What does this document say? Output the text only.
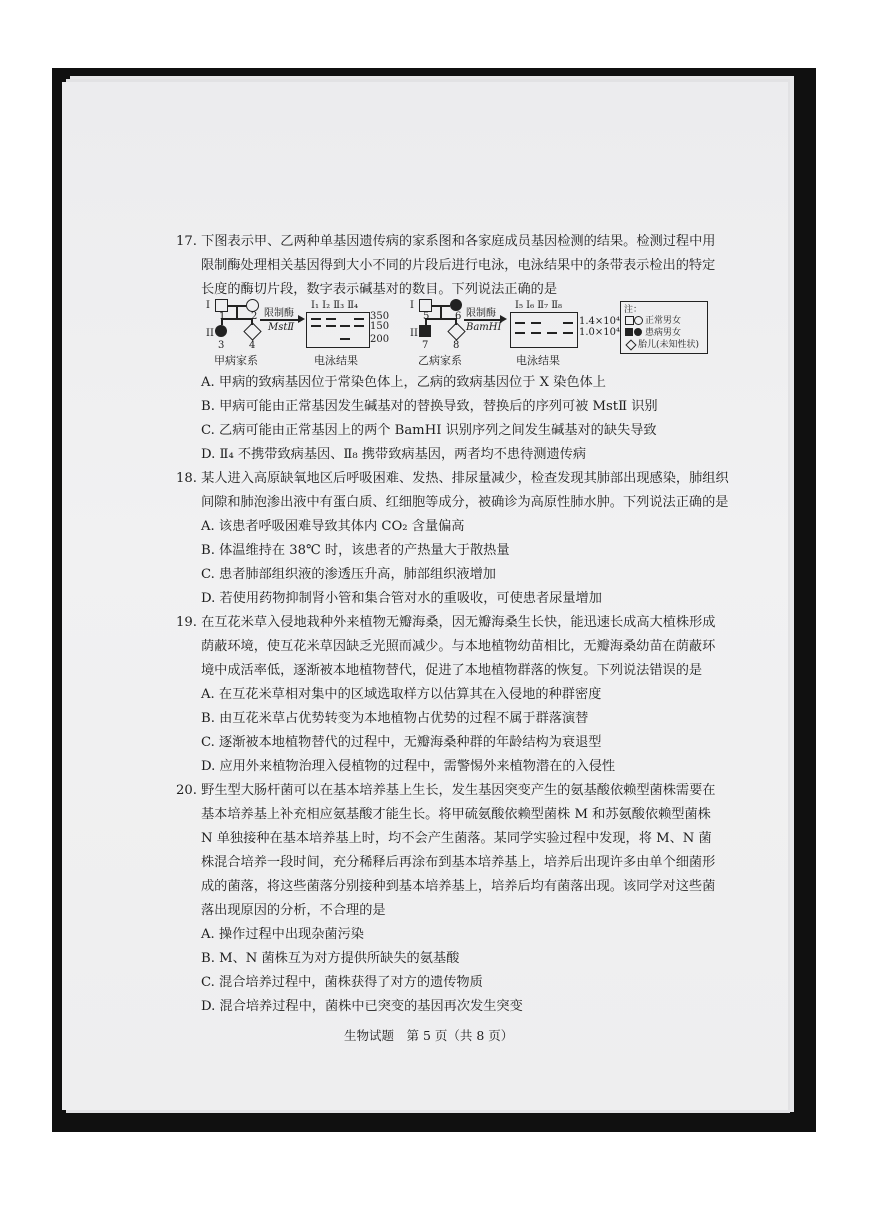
17. 下图表示甲、乙两种单基因遗传病的家系图和各家庭成员基因检测的结果。检测过程中用
限制酶处理相关基因得到大小不同的片段后进行电泳，电泳结果中的条带表示检出的特定
长度的酶切片段，数字表示碱基对的数目。下列说法正确的是
I
1	2
II
3 4
甲病家系
限制酶
MstⅡ
I₁ I₂ Ⅱ₃ Ⅱ₄
350
150
200
电泳结果
I
5	6
II
7 8
乙病家系
限制酶
BamHI
I₅ I₆ Ⅱ₇ Ⅱ₈
1.4×10⁴
1.0×10⁴
电泳结果
注：
正常男女
患病男女
胎儿(未知性状)
A. 甲病的致病基因位于常染色体上，乙病的致病基因位于 X 染色体上
B. 甲病可能由正常基因发生碱基对的替换导致，替换后的序列可被 MstⅡ 识别
C. 乙病可能由正常基因上的两个 BamHI 识别序列之间发生碱基对的缺失导致
D. Ⅱ₄ 不携带致病基因、Ⅱ₈ 携带致病基因，两者均不患待测遗传病
18. 某人进入高原缺氧地区后呼吸困难、发热、排尿量减少，检查发现其肺部出现感染，肺组织
间隙和肺泡渗出液中有蛋白质、红细胞等成分，被确诊为高原性肺水肿。下列说法正确的是
A. 该患者呼吸困难导致其体内 CO₂ 含量偏高
B. 体温维持在 38℃ 时，该患者的产热量大于散热量
C. 患者肺部组织液的渗透压升高，肺部组织液增加
D. 若使用药物抑制肾小管和集合管对水的重吸收，可使患者尿量增加
19. 在互花米草入侵地栽种外来植物无瓣海桑，因无瓣海桑生长快，能迅速长成高大植株形成
荫蔽环境，使互花米草因缺乏光照而减少。与本地植物幼苗相比，无瓣海桑幼苗在荫蔽环
境中成活率低，逐渐被本地植物替代，促进了本地植物群落的恢复。下列说法错误的是
A. 在互花米草相对集中的区域选取样方以估算其在入侵地的种群密度
B. 由互花米草占优势转变为本地植物占优势的过程不属于群落演替
C. 逐渐被本地植物替代的过程中，无瓣海桑种群的年龄结构为衰退型
D. 应用外来植物治理入侵植物的过程中，需警惕外来植物潜在的入侵性
20. 野生型大肠杆菌可以在基本培养基上生长，发生基因突变产生的氨基酸依赖型菌株需要在
基本培养基上补充相应氨基酸才能生长。将甲硫氨酸依赖型菌株 M 和苏氨酸依赖型菌株
N 单独接种在基本培养基上时，均不会产生菌落。某同学实验过程中发现，将 M、N 菌
株混合培养一段时间，充分稀释后再涂布到基本培养基上，培养后出现许多由单个细菌形
成的菌落，将这些菌落分别接种到基本培养基上，培养后均有菌落出现。该同学对这些菌
落出现原因的分析，不合理的是
A. 操作过程中出现杂菌污染
B. M、N 菌株互为对方提供所缺失的氨基酸
C. 混合培养过程中，菌株获得了对方的遗传物质
D. 混合培养过程中，菌株中已突变的基因再次发生突变
生物试题　第 5 页（共 8 页）
